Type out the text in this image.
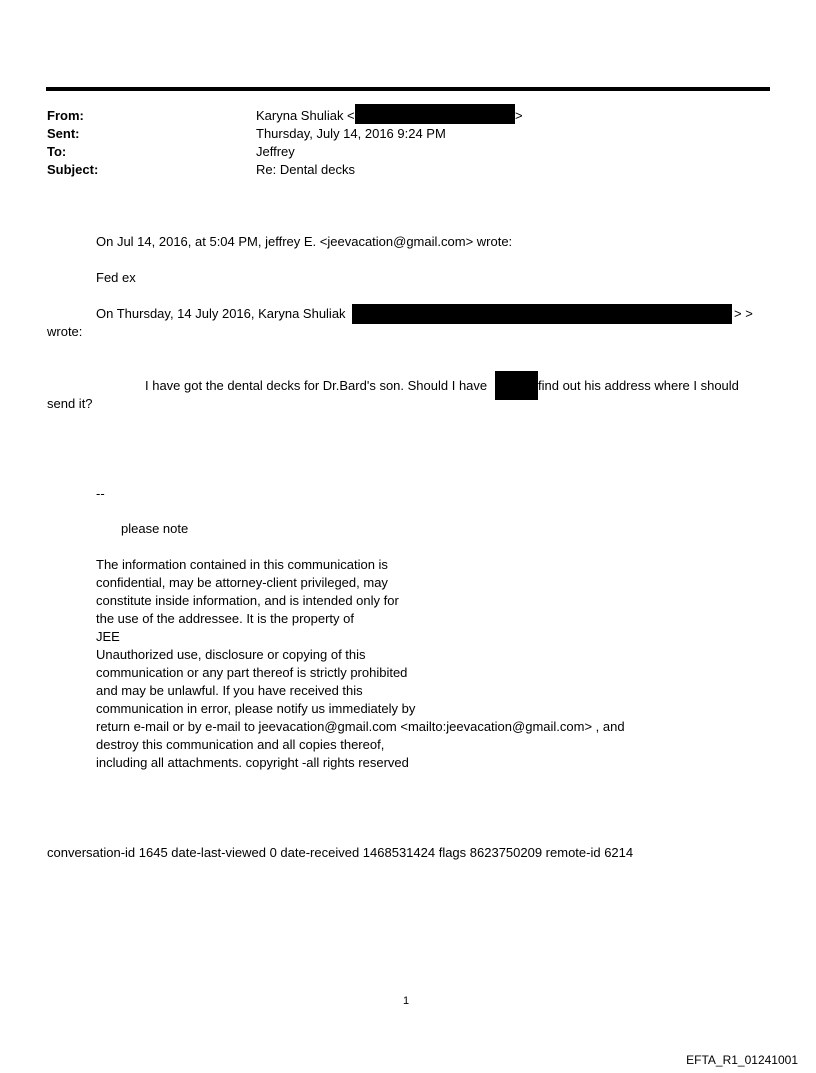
From:	Karyna Shuliak <	>
Sent:	Thursday, July 14, 2016 9:24 PM
To:	Jeffrey
Subject:	Re: Dental decks
On Jul 14, 2016, at 5:04 PM, jeffrey E. <jeevacation@gmail.com> wrote:
Fed ex
On Thursday, 14 July 2016, Karyna Shuliak	> >
wrote:
I have got the dental decks for Dr.Bard's son. Should I have	find out his address where I should
send it?
--
please note
The information contained in this communication is
confidential, may be attorney-client privileged, may
constitute inside information, and is intended only for
the use of the addressee. It is the property of
JEE
Unauthorized use, disclosure or copying of this
communication or any part thereof is strictly prohibited
and may be unlawful. If you have received this
communication in error, please notify us immediately by
return e-mail or by e-mail to jeevacation@gmail.com <mailto:jeevacation@gmail.com> , and
destroy this communication and all copies thereof,
including all attachments. copyright -all rights reserved
conversation-id 1645 date-last-viewed 0 date-received 1468531424 flags 8623750209 remote-id 6214
1
EFTA_R1_01241001
